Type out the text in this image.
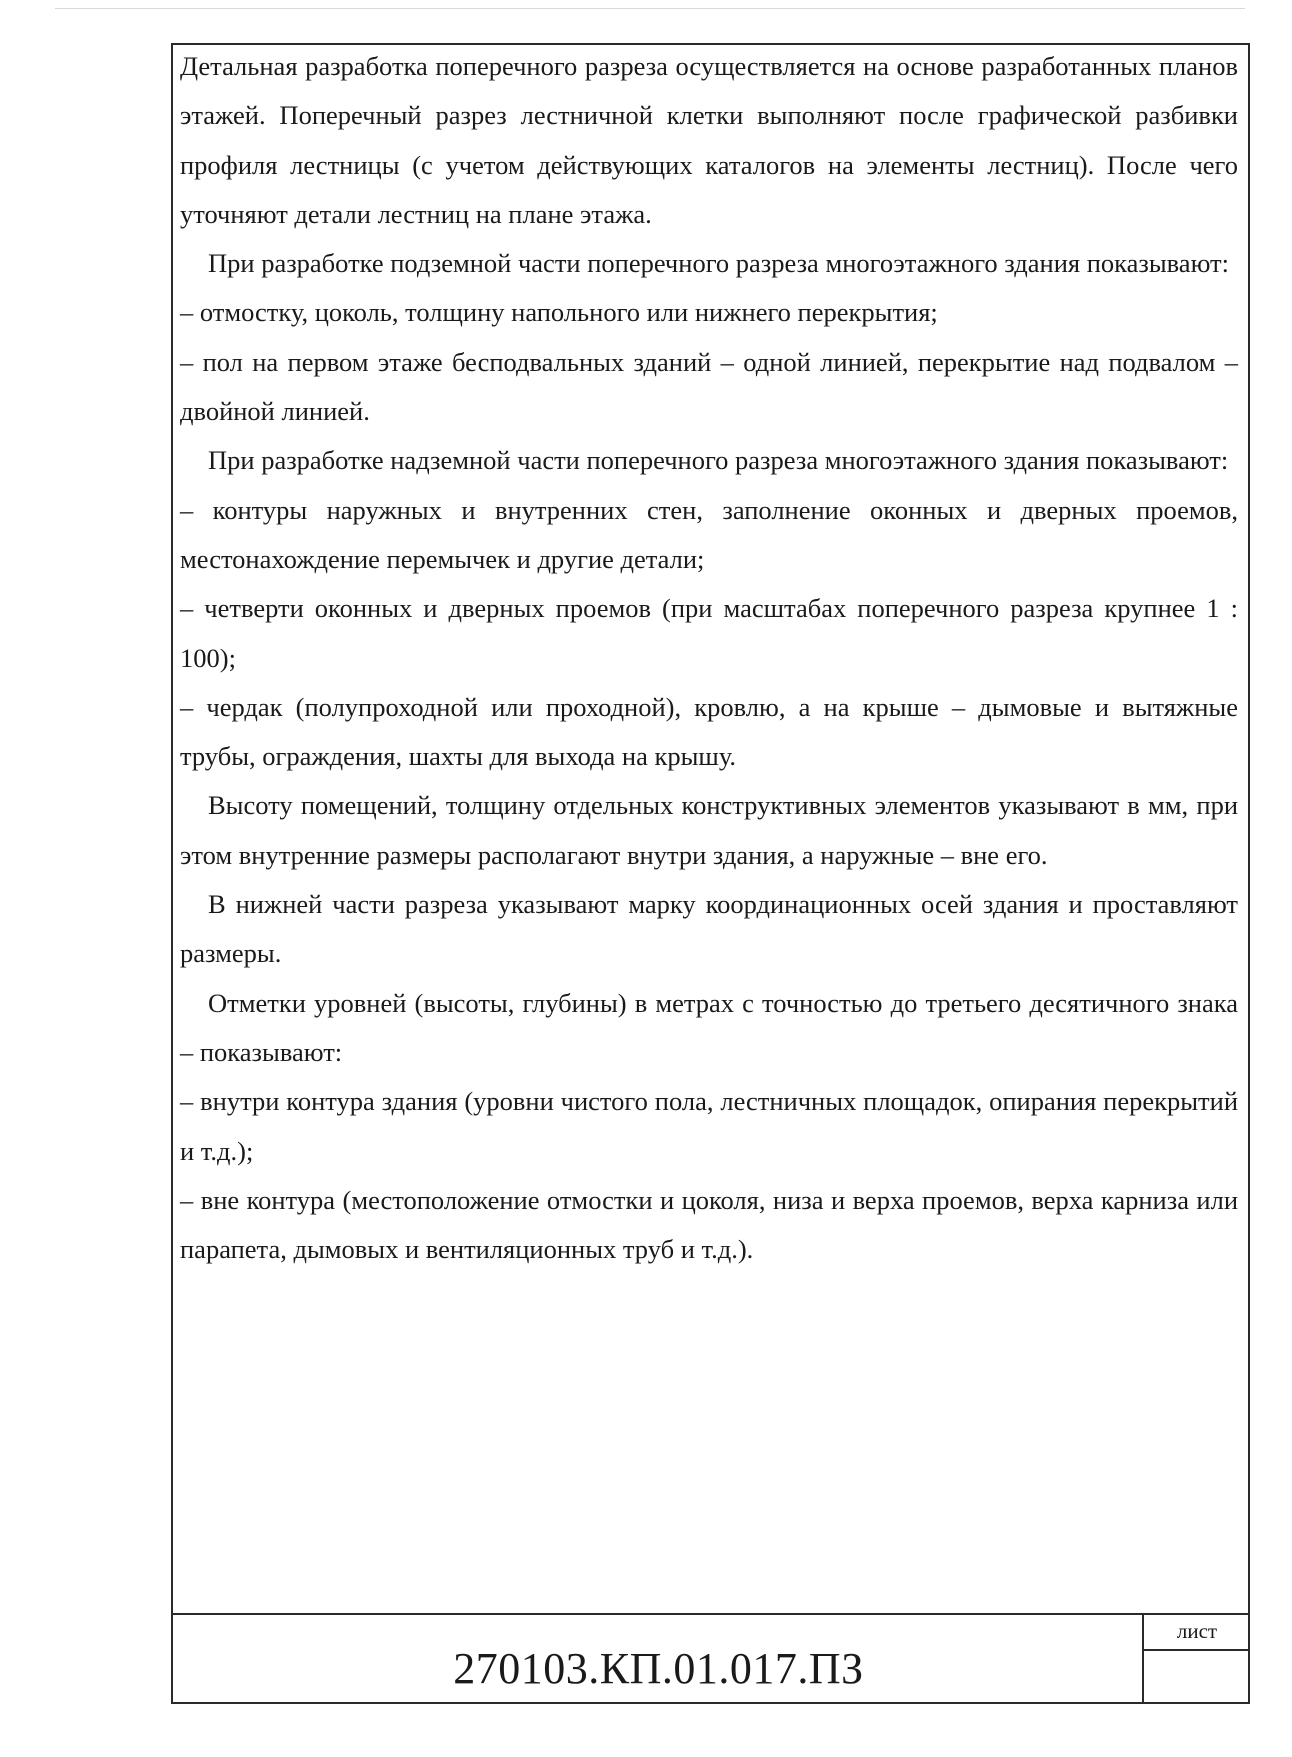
Детальная разработка поперечного разреза осуществляется на основе разработанных планов этажей. Поперечный разрез лестничной клетки выполняют после графической разбивки профиля лестницы (с учетом действующих каталогов на элементы лестниц). После чего уточняют детали лестниц на плане этажа.

При разработке подземной части поперечного разреза многоэтажного здания показывают:

– отмостку, цоколь, толщину напольного или нижнего перекрытия;

– пол на первом этаже бесподвальных зданий – одной линией, перекрытие над подвалом – двойной линией.

При разработке надземной части поперечного разреза многоэтажного здания показывают:

– контуры наружных и внутренних стен, заполнение оконных и дверных проемов, местонахождение перемычек и другие детали;

– четверти оконных и дверных проемов (при масштабах поперечного разреза крупнее 1 : 100);

– чердак (полупроходной или проходной), кровлю, а на крыше – дымовые и вытяжные трубы, ограждения, шахты для выхода на крышу.

Высоту помещений, толщину отдельных конструктивных элементов указывают в мм, при этом внутренние размеры располагают внутри здания, а наружные – вне его.

В нижней части разреза указывают марку координационных осей здания и проставляют размеры.

Отметки уровней (высоты, глубины) в метрах с точностью до третьего десятичного знака – показывают:

– внутри контура здания (уровни чистого пола, лестничных площадок, опирания перекрытий и т.д.);

– вне контура (местоположение отмостки и цоколя, низа и верха проемов, верха карниза или парапета, дымовых и вентиляционных труб и т.д.).

270103.КП.01.017.ПЗ
лист
